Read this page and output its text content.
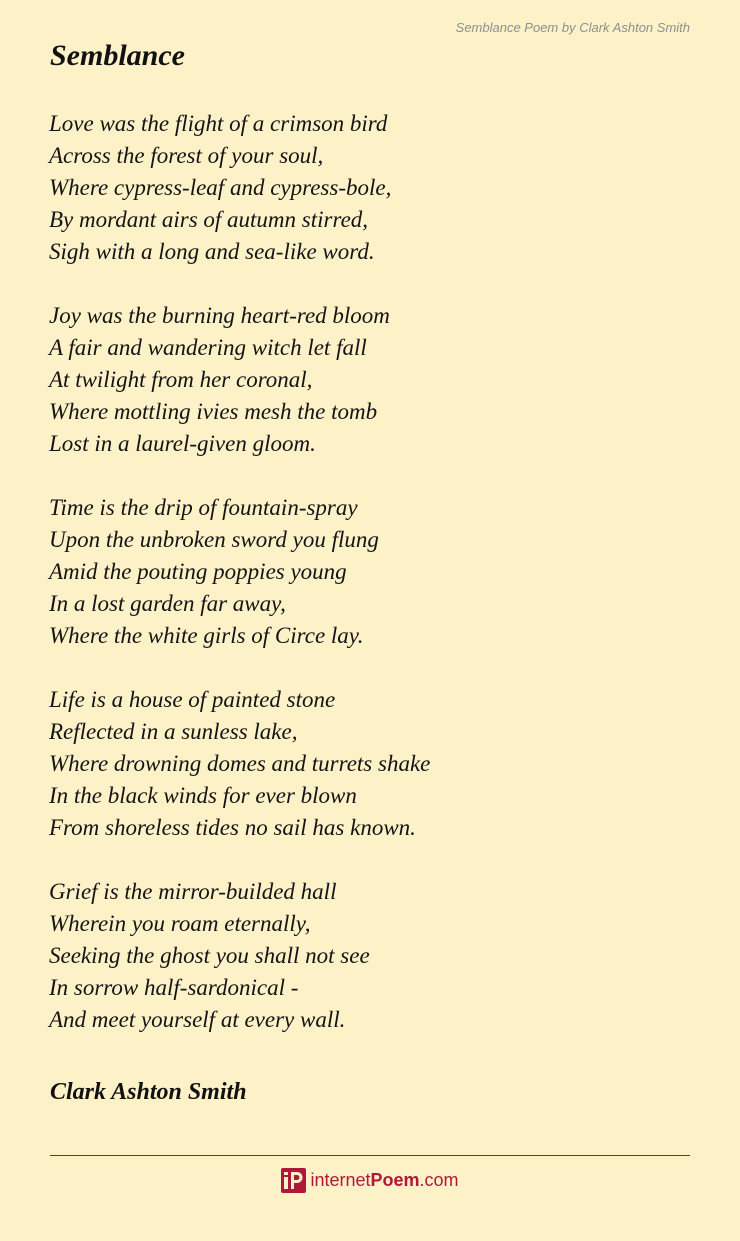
Semblance Poem by Clark Ashton Smith
Semblance
Love was the flight of a crimson bird
Across the forest of your soul,
Where cypress-leaf and cypress-bole,
By mordant airs of autumn stirred,
Sigh with a long and sea-like word.
Joy was the burning heart-red bloom
A fair and wandering witch let fall
At twilight from her coronal,
Where mottling ivies mesh the tomb
Lost in a laurel-given gloom.
Time is the drip of fountain-spray
Upon the unbroken sword you flung
Amid the pouting poppies young
In a lost garden far away,
Where the white girls of Circe lay.
Life is a house of painted stone
Reflected in a sunless lake,
Where drowning domes and turrets shake
In the black winds for ever blown
From shoreless tides no sail has known.
Grief is the mirror-builded hall
Wherein you roam eternally,
Seeking the ghost you shall not see
In sorrow half-sardonical -
And meet yourself at every wall.
Clark Ashton Smith
internetPoem.com
